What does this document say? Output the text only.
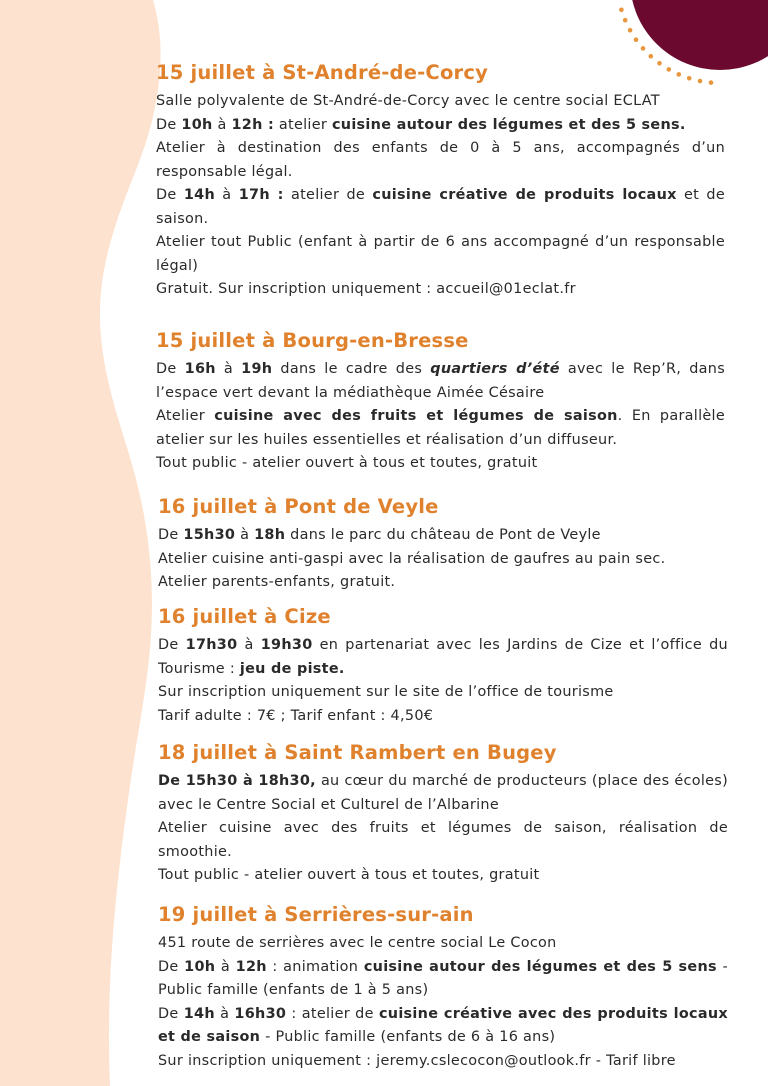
15 juillet à St-André-de-Corcy

Salle polyvalente de St-André-de-Corcy avec le centre social ECLAT

De 10h à 12h : atelier cuisine autour des légumes et des 5 sens.

Atelier à destination des enfants de 0 à 5 ans, accompagnés d’un responsable légal.

De 14h à 17h : atelier de cuisine créative de produits locaux et de saison.

Atelier tout Public (enfant à partir de 6 ans accompagné d’un responsable légal)

Gratuit. Sur inscription uniquement : accueil@01eclat.fr

15 juillet à Bourg-en-Bresse

De 16h à 19h dans le cadre des quartiers d’été avec le Rep’R, dans l’espace vert devant la médiathèque Aimée Césaire

Atelier cuisine avec des fruits et légumes de saison. En parallèle atelier sur les huiles essentielles et réalisation d’un diffuseur.

Tout public - atelier ouvert à tous et toutes, gratuit

16 juillet à Pont de Veyle

De 15h30 à 18h dans le parc du château de Pont de Veyle

Atelier cuisine anti-gaspi avec la réalisation de gaufres au pain sec.

Atelier parents-enfants, gratuit.

16 juillet à Cize

De 17h30 à 19h30 en partenariat avec les Jardins de Cize et l’office du Tourisme : jeu de piste.

Sur inscription uniquement sur le site de l’office de tourisme

Tarif adulte : 7€ ; Tarif enfant : 4,50€

18 juillet à Saint Rambert en Bugey

De 15h30 à 18h30, au cœur du marché de producteurs (place des écoles) avec le Centre Social et Culturel de l’Albarine

Atelier cuisine avec des fruits et légumes de saison, réalisation de smoothie.

Tout public - atelier ouvert à tous et toutes, gratuit

19 juillet à Serrières-sur-ain

451 route de serrières avec le centre social Le Cocon

De 10h à 12h : animation cuisine autour des légumes et des 5 sens - Public famille (enfants de 1 à 5 ans)

De 14h à 16h30 : atelier de cuisine créative avec des produits locaux et de saison - Public famille (enfants de 6 à 16 ans)

Sur inscription uniquement : jeremy.cslecocon@outlook.fr - Tarif libre
